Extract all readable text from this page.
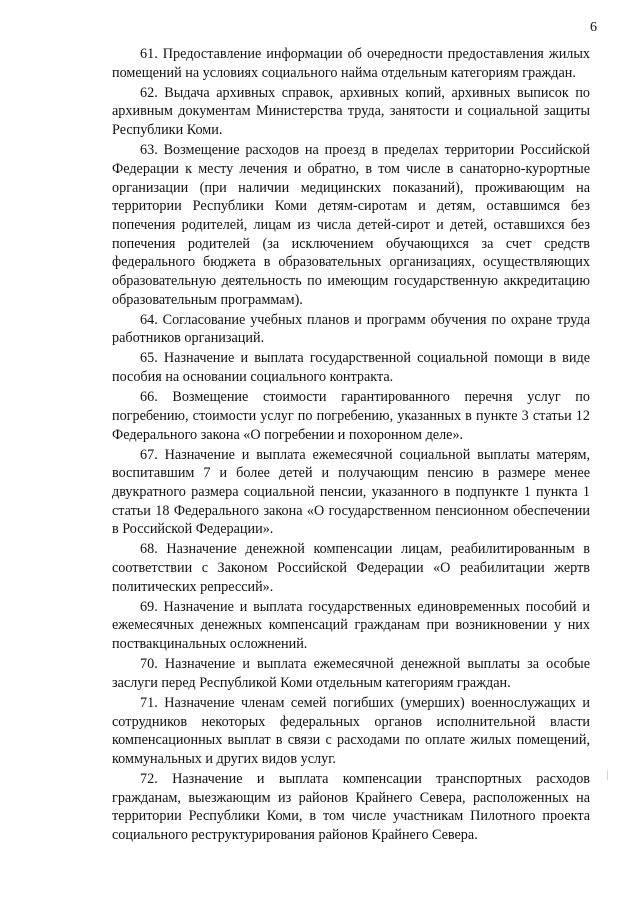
6

61. Предоставление информации об очередности предоставления жилых помещений на условиях социального найма отдельным категориям граждан.

62. Выдача архивных справок, архивных копий, архивных выписок по архивным документам Министерства труда, занятости и социальной защиты Республики Коми.

63. Возмещение расходов на проезд в пределах территории Российской Федерации к месту лечения и обратно, в том числе в санаторно-курортные организации (при наличии медицинских показаний), проживающим на территории Республики Коми детям-сиротам и детям, оставшимся без попечения родителей, лицам из числа детей-сирот и детей, оставшихся без попечения родителей (за исключением обучающихся за счет средств федерального бюджета в образовательных организациях, осуществляющих образовательную деятельность по имеющим государственную аккредитацию образовательным программам).

64. Согласование учебных планов и программ обучения по охране труда работников организаций.

65. Назначение и выплата государственной социальной помощи в виде пособия на основании социального контракта.

66. Возмещение стоимости гарантированного перечня услуг по погребению, стоимости услуг по погребению, указанных в пункте 3 статьи 12 Федерального закона «О погребении и похоронном деле».

67. Назначение и выплата ежемесячной социальной выплаты матерям, воспитавшим 7 и более детей и получающим пенсию в размере менее двукратного размера социальной пенсии, указанного в подпункте 1 пункта 1 статьи 18 Федерального закона «О государственном пенсионном обеспечении в Российской Федерации».

68. Назначение денежной компенсации лицам, реабилитированным в соответствии с Законом Российской Федерации «О реабилитации жертв политических репрессий».

69. Назначение и выплата государственных единовременных пособий и ежемесячных денежных компенсаций гражданам при возникновении у них поствакцинальных осложнений.

70. Назначение и выплата ежемесячной денежной выплаты за особые заслуги перед Республикой Коми отдельным категориям граждан.

71. Назначение членам семей погибших (умерших) военнослужащих и сотрудников некоторых федеральных органов исполнительной власти компенсационных выплат в связи с расходами по оплате жилых помещений, коммунальных и других видов услуг.

72. Назначение и выплата компенсации транспортных расходов гражданам, выезжающим из районов Крайнего Севера, расположенных на территории Республики Коми, в том числе участникам Пилотного проекта социального реструктурирования районов Крайнего Севера.
